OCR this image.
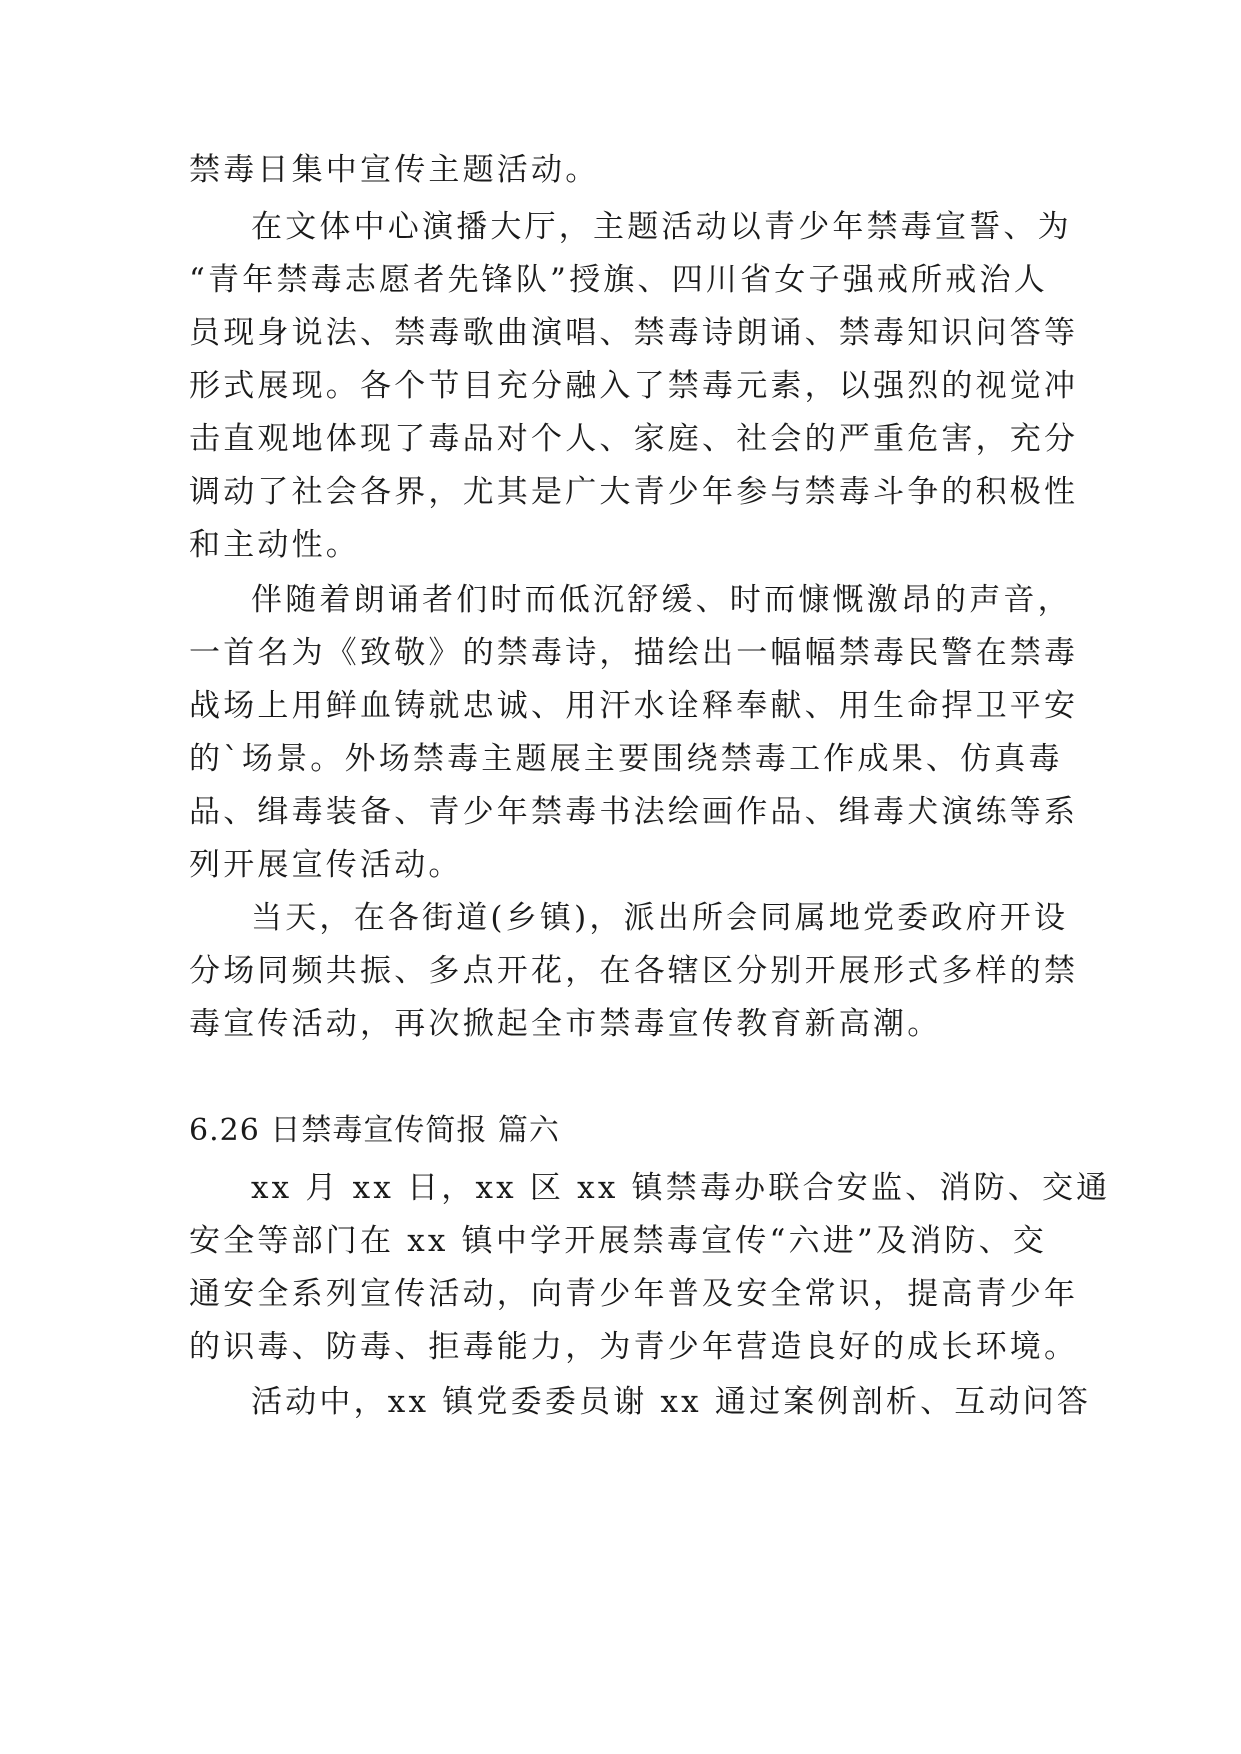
禁毒日集中宣传主题活动。
在文体中心演播大厅，主题活动以青少年禁毒宣誓、为
“青年禁毒志愿者先锋队”授旗、四川省女子强戒所戒治人
员现身说法、禁毒歌曲演唱、禁毒诗朗诵、禁毒知识问答等
形式展现。各个节目充分融入了禁毒元素，以强烈的视觉冲
击直观地体现了毒品对个人、家庭、社会的严重危害，充分
调动了社会各界，尤其是广大青少年参与禁毒斗争的积极性
和主动性。
伴随着朗诵者们时而低沉舒缓、时而慷慨激昂的声音，
一首名为《致敬》的禁毒诗，描绘出一幅幅禁毒民警在禁毒
战场上用鲜血铸就忠诚、用汗水诠释奉献、用生命捍卫平安
的`场景。外场禁毒主题展主要围绕禁毒工作成果、仿真毒
品、缉毒装备、青少年禁毒书法绘画作品、缉毒犬演练等系
列开展宣传活动。
当天，在各街道(乡镇)，派出所会同属地党委政府开设
分场同频共振、多点开花，在各辖区分别开展形式多样的禁
毒宣传活动，再次掀起全市禁毒宣传教育新高潮。
6.26 日禁毒宣传简报 篇六
xx 月 xx 日，xx 区 xx 镇禁毒办联合安监、消防、交通
安全等部门在 xx 镇中学开展禁毒宣传“六进”及消防、交
通安全系列宣传活动，向青少年普及安全常识，提高青少年
的识毒、防毒、拒毒能力，为青少年营造良好的成长环境。
活动中，xx 镇党委委员谢 xx 通过案例剖析、互动问答
